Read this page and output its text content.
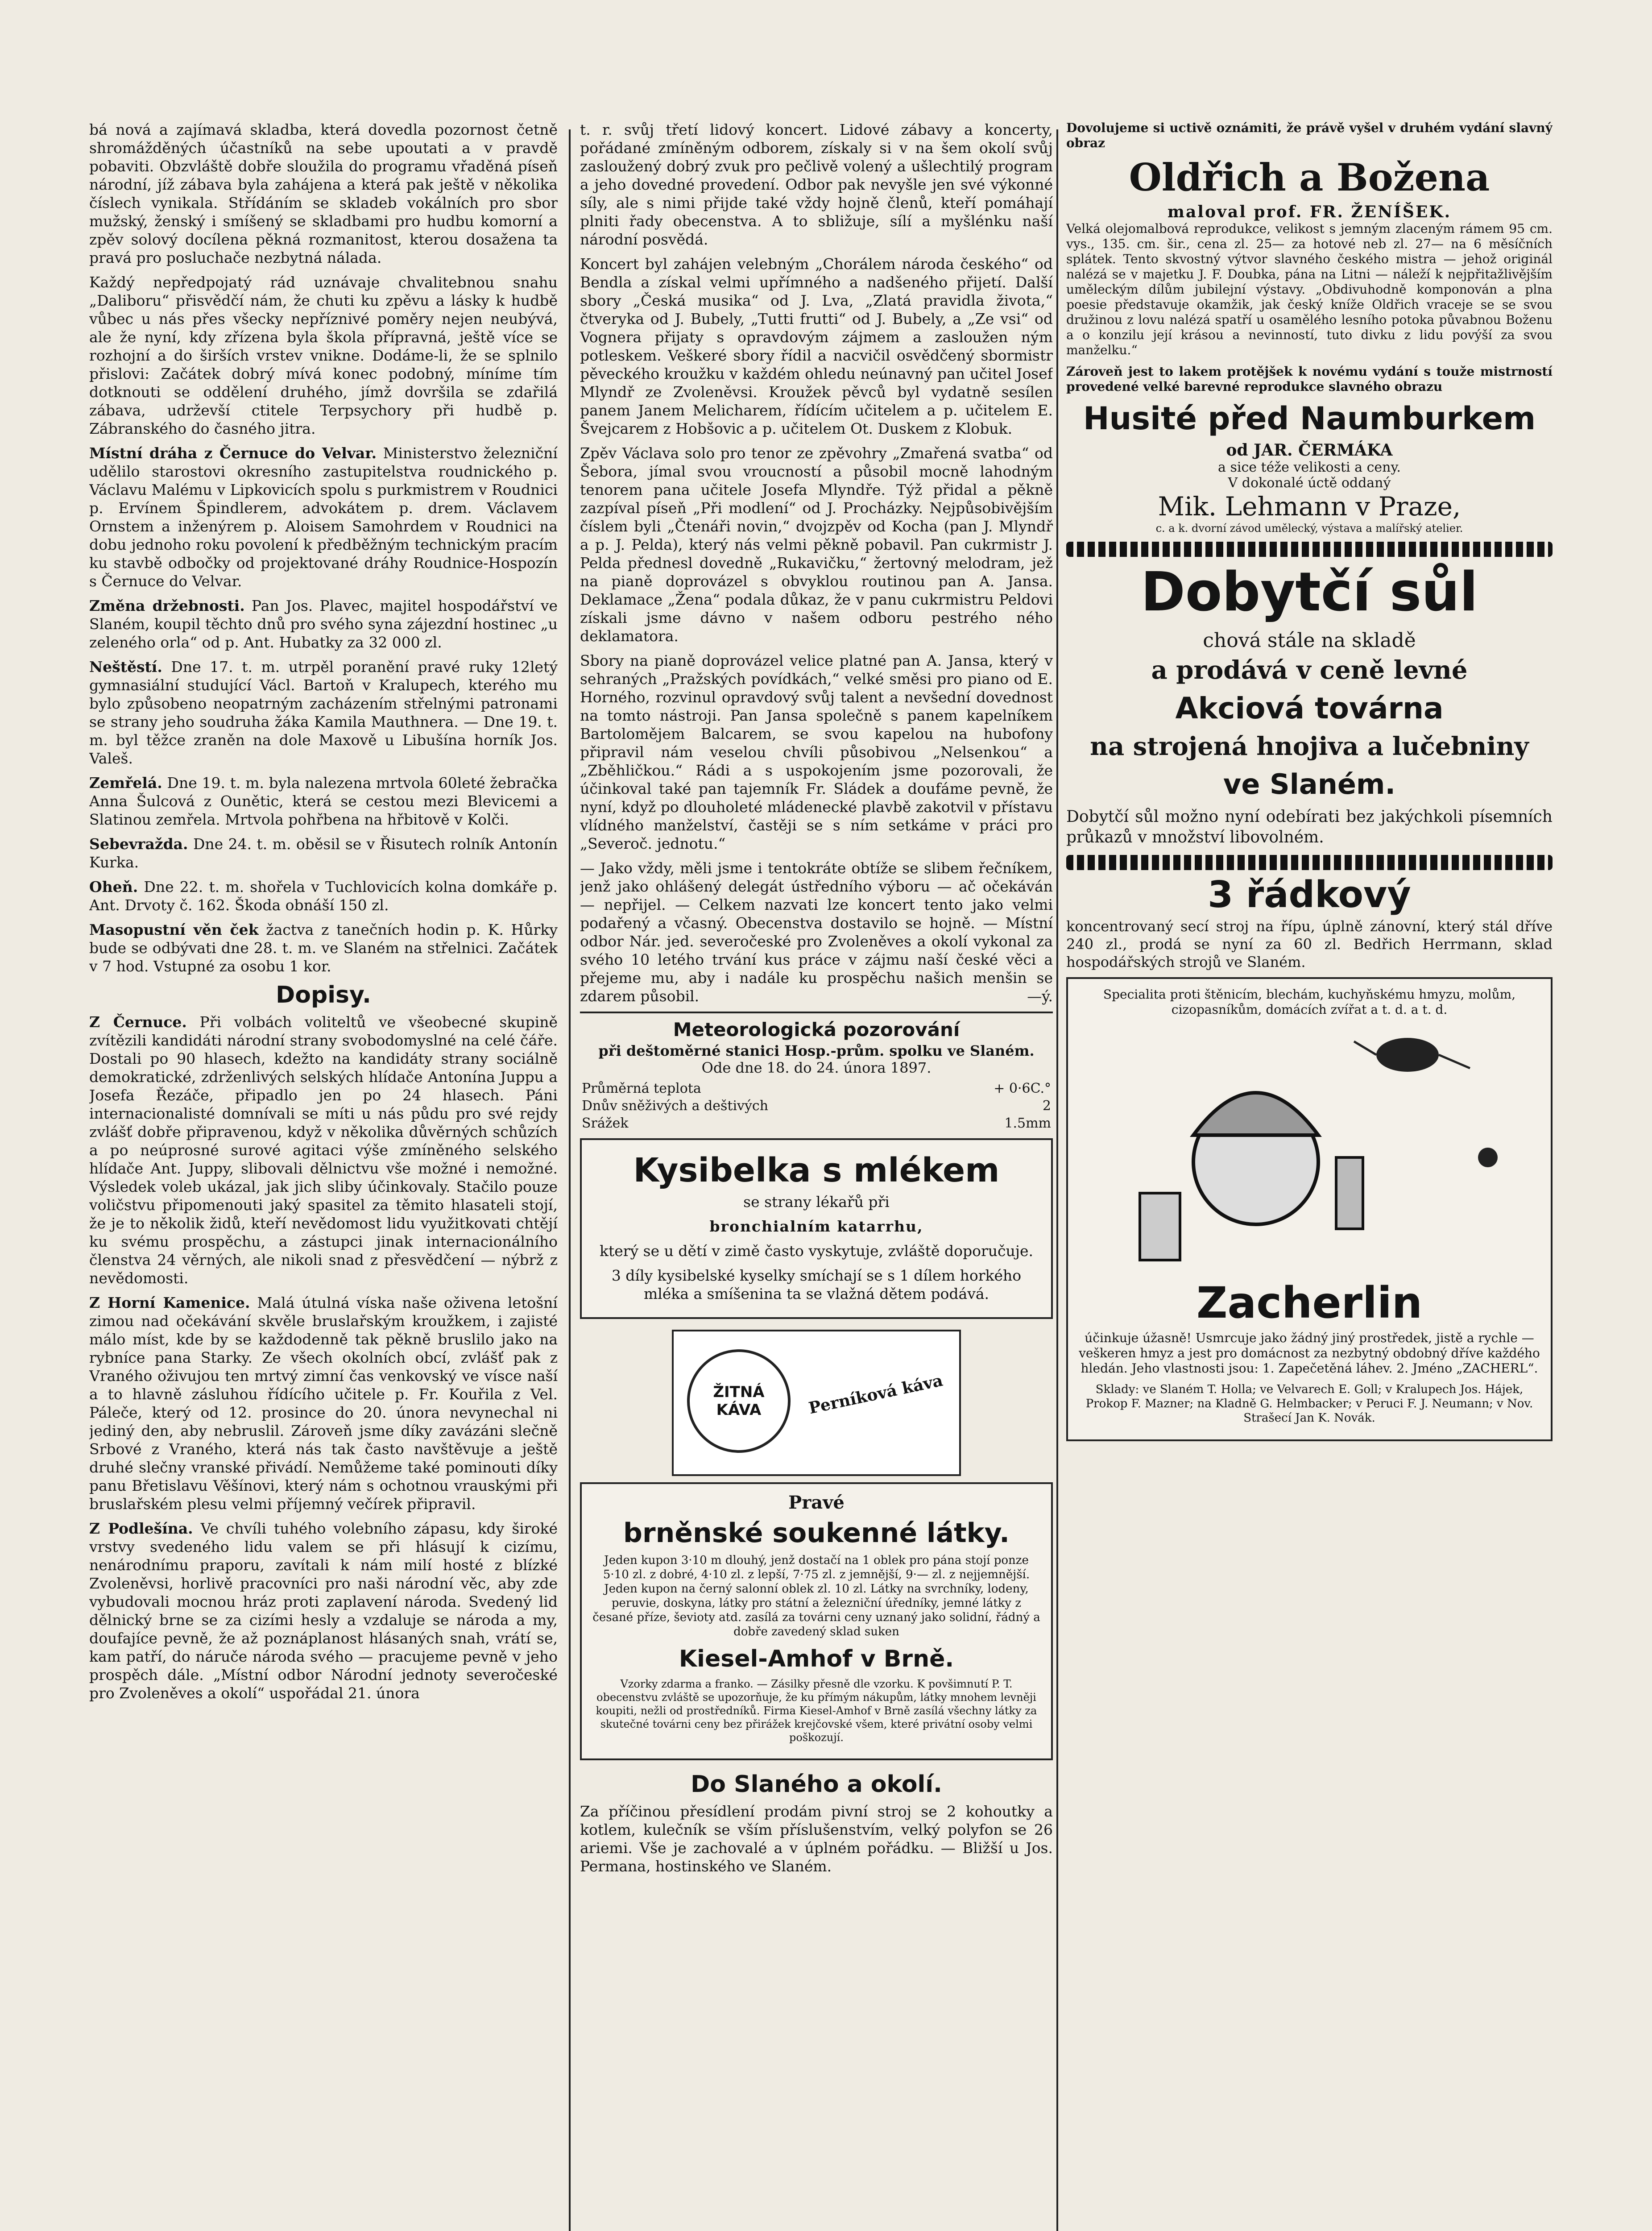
bá nová a zajímavá skladba, která dovedla pozornost četně shromážděných účastníků na sebe upoutati a v pravdě pobaviti. Obzvláště dobře sloužila do programu vřaděná píseň národní, jíž zábava byla zahájena a která pak ještě v několika číslech vynikala. Střídáním se skladeb vokálních pro sbor mužský, ženský i smíšený se skladbami pro hudbu komorní a zpěv solový docílena pěkná rozmanitost, kterou dosažena ta pravá pro posluchače nezbytná nálada.

Každý nepředpojatý rád uznávaje chvalitebnou snahu „Daliboru“ přisvědčí nám, že chuti ku zpěvu a lásky k hudbě vůbec u nás přes všecky nepříznivé poměry nejen neubývá, ale že nyní, kdy zřízena byla škola přípravná, ještě více se rozhojní a do širších vrstev vnikne. Dodáme-li, že se splnilo přislovi: Začátek dobrý mívá konec podobný, míníme tím dotknouti se oddělení druhého, jímž dovršila se zdařilá zábava, udrževší ctitele Terpsychory při hudbě p. Zábranského do časného jitra.

Místní dráha z Černuce do Velvar. Ministerstvo železniční udělilo starostovi okresního zastupitelstva roudnického p. Václavu Malému v Lipkovicích spolu s purkmistrem v Roudnici p. Ervínem Špindlerem, advokátem p. drem. Václavem Ornstem a inženýrem p. Aloisem Samohrdem v Roudnici na dobu jednoho roku povolení k předběžným technickým pracím ku stavbě odbočky od projektované dráhy Roudnice-Hospozín s Černuce do Velvar.

Změna držebnosti. Pan Jos. Plavec, majitel hospodářství ve Slaném, koupil těchto dnů pro svého syna zájezdní hostinec „u zeleného orla“ od p. Ant. Hubatky za 32 000 zl.

Neštěstí. Dne 17. t. m. utrpěl poranění pravé ruky 12letý gymnasiální studující Václ. Bartoň v Kralupech, kterého mu bylo způsobeno neopatrným zacházením střelnými patronami se strany jeho soudruha žáka Kamila Mauthnera. — Dne 19. t. m. byl těžce zraněn na dole Maxově u Libušína horník Jos. Valeš.

Zemřelá. Dne 19. t. m. byla nalezena mrtvola 60leté žebračka Anna Šulcová z Ounětic, která se cestou mezi Blevicemi a Slatinou zemřela. Mrtvola pohřbena na hřbitově v Kolči.

Sebevražda. Dne 24. t. m. oběsil se v Řisutech rolník Antonín Kurka.

Oheň. Dne 22. t. m. shořela v Tuchlovicích kolna domkáře p. Ant. Drvoty č. 162. Škoda obnáší 150 zl.

Masopustní věn ček žactva z tanečních hodin p. K. Hůrky bude se odbývati dne 28. t. m. ve Slaném na střelnici. Začátek v 7 hod. Vstupné za osobu 1 kor.

Dopisy.

Z Černuce. Při volbách voliteltů ve všeobecné skupině zvítězili kandidáti národní strany svobodomyslné na celé čáře. Dostali po 90 hlasech, kdežto na kandidáty strany sociálně demokratické, zdrženlivých selských hlídače Antonína Juppu a Josefa Řezáče, připadlo jen po 24 hlasech. Páni internacionalisté domnívali se míti u nás půdu pro své rejdy zvlášť dobře připravenou, když v několika důvěrných schůzích a po neúprosné surové agitaci výše zmíněného selského hlídače Ant. Juppy, slibovali dělnictvu vše možné i nemožné. Výsledek voleb ukázal, jak jich sliby účinkovaly. Stačilo pouze voličstvu připomenouti jaký spasitel za těmito hlasateli stojí, že je to několik židů, kteří nevědomost lidu využitkovati chtějí ku svému prospěchu, a zástupci jinak internacionálního členstva 24 věrných, ale nikoli snad z přesvědčení — nýbrž z nevědomosti.

Z Horní Kamenice. Malá útulná víska naše oživena letošní zimou nad očekávání skvěle bruslařským kroužkem, i zajisté málo míst, kde by se každodenně tak pěkně bruslilo jako na rybníce pana Starky. Ze všech okolních obcí, zvlášť pak z Vraného oživujou ten mrtvý zimní čas venkovský ve vísce naší a to hlavně zásluhou řídícího učitele p. Fr. Kouřila z Vel. Páleče, který od 12. prosince do 20. února nevynechal ni jediný den, aby nebruslil. Zároveň jsme díky zavázáni slečně Srbové z Vraného, která nás tak často navštěvuje a ještě druhé slečny vranské přivádí. Nemůžeme také pominouti díky panu Břetislavu Věšínovi, který nám s ochotnou vrauskými při bruslařském plesu velmi příjemný večírek připravil.

Z Podlešína. Ve chvíli tuhého volebního zápasu, kdy široké vrstvy svedeného lidu valem se při hlásují k cizímu, nenárodnímu praporu, zavítali k nám milí hosté z blízké Zvoleněvsi, horlivě pracovníci pro naši národní věc, aby zde vybudovali mocnou hráz proti zaplavení národa. Svedený lid dělnický brne se za cizími hesly a vzdaluje se národa a my, doufajíce pevně, že až poznáplanost hlásaných snah, vrátí se, kam patří, do náruče národa svého — pracujeme pevně v jeho prospěch dále. „Místní odbor Národní jednoty severočeské pro Zvoleněves a okolí“ uspořádal 21. února

t. r. svůj třetí lidový koncert. Lidové zábavy a koncerty, pořádané zmíněným odborem, získaly si v na šem okolí svůj zasloužený dobrý zvuk pro pečlivě volený a ušlechtilý program a jeho dovedné provedení. Odbor pak nevyšle jen své výkonné síly, ale s nimi přijde také vždy hojně členů, kteří pomáhají plniti řady obecenstva. A to sbližuje, sílí a myšlénku naší národní posvědá.

Koncert byl zahájen velebným „Chorálem národa českého“ od Bendla a získal velmi upřímného a nadšeného přijetí. Další sbory „Česká musika“ od J. Lva, „Zlatá pravidla života,“ čtveryka od J. Bubely, „Tutti frutti“ od J. Bubely, a „Ze vsi“ od Vognera přijaty s opravdovým zájmem a zasloužen ným potleskem. Veškeré sbory řídil a nacvičil osvědčený sbormistr pěveckého kroužku v každém ohledu neúnavný pan učitel Josef Mlyndř ze Zvoleněvsi. Kroužek pěvců byl vydatně sesílen panem Janem Melicharem, řídícím učitelem a p. učitelem E. Švejcarem z Hobšovic a p. učitelem Ot. Duskem z Klobuk.

Zpěv Václava solo pro tenor ze zpěvohry „Zmařená svatba“ od Šebora, jímal svou vroucností a působil mocně lahodným tenorem pana učitele Josefa Mlyndře. Týž přidal a pěkně zazpíval píseň „Při modlení“ od J. Procházky. Nejpůsobivějším číslem byli „Čtenáři novin,“ dvojzpěv od Kocha (pan J. Mlyndř a p. J. Pelda), který nás velmi pěkně pobavil. Pan cukrmistr J. Pelda přednesl dovedně „Rukavičku,“ žertovný melodram, jež na pianě doprovázel s obvyklou routinou pan A. Jansa. Deklamace „Žena“ podala důkaz, že v panu cukrmistru Peldovi získali jsme dávno v našem odboru pestrého ného deklamatora.

Sbory na pianě doprovázel velice platné pan A. Jansa, který v sehraných „Pražských povídkách,“ velké směsi pro piano od E. Horného, rozvinul opravdový svůj talent a nevšední dovednost na tomto nástroji. Pan Jansa společně s panem kapelníkem Bartolomějem Balcarem, se svou kapelou na hubofony připravil nám veselou chvíli působivou „Nelsenkou“ a „Zběhličkou.“ Rádi a s uspokojením jsme pozorovali, že účinkoval také pan tajemník Fr. Sládek a doufáme pevně, že nyní, když po dlouholeté mládenecké plavbě zakotvil v přístavu vlídného manželství, častěji se s ním setkáme v práci pro „Severoč. jednotu.“

— Jako vždy, měli jsme i tentokráte obtíže se slibem řečníkem, jenž jako ohlášený delegát ústředního výboru — ač očekáván — nepřijel. — Celkem nazvati lze koncert tento jako velmi podařený a včasný. Obecenstva dostavilo se hojně. — Místní odbor Nár. jed. severočeské pro Zvoleněves a okolí vykonal za svého 10 letého trvání kus práce v zájmu naší české věci a přejeme mu, aby i nadále ku prospěchu našich menšin se zdarem působil.	—ý.

Meteorologická pozorování
při deštoměrné stanici Hosp.-prům. spolku ve Slaném.
Ode dne 18. do 24. února 1897.
Průměrná teplota	+ 0·6C.°
Dnův sněživých a deštivých	2
Srážek	1.5mm
Kysibelka s mlékem

se strany lékařů při

bronchialním katarrhu,

který se u dětí v zimě často vyskytuje, zvláště doporučuje.

3 díly kysibelské kyselky smíchají se s 1 dílem horkého mléka a smíšenina ta se vlažná dětem podává.

ŽITNÁ KÁVA	Perníková káva
Pravé
brněnské soukenné látky.

Jeden kupon 3·10 m dlouhý, jenž dostačí na 1 oblek pro pána stojí ponze 5·10 zl. z dobré, 4·10 zl. z lepší, 7·75 zl. z jemnější, 9·— zl. z nejjemnější. Jeden kupon na černý salonní oblek zl. 10 zl. Látky na svrchníky, lodeny, peruvie, doskyna, látky pro státní a železniční úředníky, jemné látky z česané příze, ševioty atd. zasílá za továrni ceny uznaný jako solidní, řádný a dobře zavedený sklad suken

Kiesel-Amhof v Brně.

Vzorky zdarma a franko. — Zásilky přesně dle vzorku. K povšimnutí P. T. obecenstvu zvláště se upozorňuje, že ku přímým nákupům, látky mnohem levněji koupiti, nežli od prostředníků. Firma Kiesel-Amhof v Brně zasílá všechny látky za skutečné továrni ceny bez přirážek krejčovské všem, které privátní osoby velmi poškozují.

Do Slaného a okolí.

Za příčinou přesídlení prodám pivní stroj se 2 kohoutky a kotlem, kulečník se vším příslušenstvím, velký polyfon se 26 ariemi. Vše je zachovalé a v úplném pořádku. — Bližší u Jos. Permana, hostinského ve Slaném.

Dovolujeme si uctivě oznámiti, že právě vyšel v druhém vydání slavný obraz

Oldřich a Božena
maloval prof. FR. ŽENÍŠEK.

Velká olejomalbová reprodukce, velikost s jemným zlaceným rámem 95 cm. vys., 135. cm. šir., cena zl. 25— za hotové neb zl. 27— na 6 měsíčních splátek. Tento skvostný výtvor slavného českého mistra — jehož originál nalézá se v majetku J. F. Doubka, pána na Litni — náleží k nejpřitažlivějším uměleckým dílům jubilejní výstavy. „Obdivuhodně komponován a plna poesie představuje okamžik, jak český kníže Oldřich vraceje se se svou družinou z lovu nalézá spatří u osamělého lesního potoka půvabnou Boženu a o konzilu její krásou a nevinností, tuto divku z lidu povýší za svou manželku.“

Zároveň jest to lakem protějšek k novému vydání s touže mistrností provedené velké barevné reprodukce slavného obrazu

Husité před Naumburkem
od JAR. ČERMÁKA
a sice téže velikosti a ceny.
V dokonalé úctě oddaný
Mik. Lehmann v Praze,
c. a k. dvorní závod umělecký, výstava a malířský atelier.
Dobytčí sůl
chová stále na skladě
a prodává v ceně levné
Akciová továrna
na strojená hnojiva a lučebniny
ve Slaném.

Dobytčí sůl možno nyní odebírati bez jakýchkoli písemních průkazů v množství libovolném.

3 řádkový

koncentrovaný secí stroj na řípu, úplně zánovní, který stál dříve 240 zl., prodá se nyní za 60 zl. Bedřich Herrmann, sklad hospodářských strojů ve Slaném.

Specialita proti štěnicím, blechám, kuchyňskému hmyzu, molům, cizopasníkům, domácích zvířat a t. d. a t. d.

Zacherlin

účinkuje úžasně! Usmrcuje jako žádný jiný prostředek, jistě a rychle — veškeren hmyz a jest pro domácnost za nezbytný obdobný dříve každého hledán. Jeho vlastnosti jsou: 1. Zapečetěná láhev. 2. Jméno „ZACHERL“.

Sklady: ve Slaném T. Holla; ve Velvarech E. Goll; v Kralupech Jos. Hájek, Prokop F. Mazner; na Kladně G. Helmbacker; v Peruci F. J. Neumann; v Nov. Strašecí Jan K. Novák.
